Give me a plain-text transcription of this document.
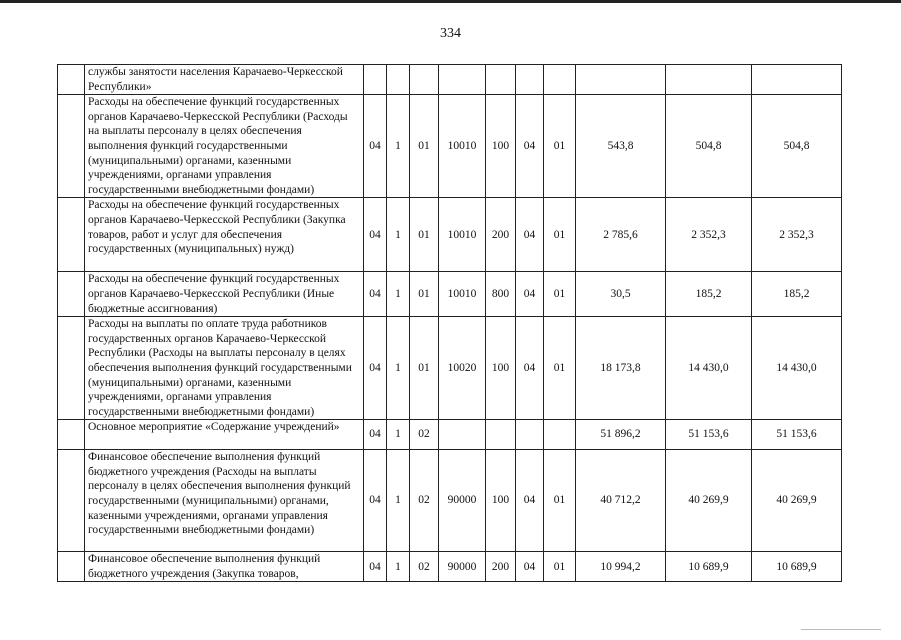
334
	службы занятости населения Карачаево-Черкесской Республики»										
	Расходы на обеспечение функций государственных органов Карачаево-Черкесской Республики (Расходы на выплаты персоналу в целях обеспечения выполнения функций государственными (муниципальными) органами, казенными учреждениями, органами управления государственными внебюджетными фондами)	04	1	01	10010	100	04	01	543,8	504,8	504,8
	Расходы на обеспечение функций государственных органов Карачаево-Черкесской Республики (Закупка товаров, работ и услуг для обеспечения государственных (муниципальных) нужд)	04	1	01	10010	200	04	01	2 785,6	2 352,3	2 352,3
	Расходы на обеспечение функций государственных органов Карачаево-Черкесской Республики (Иные бюджетные ассигнования)	04	1	01	10010	800	04	01	30,5	185,2	185,2
	Расходы на выплаты по оплате труда работников государственных органов Карачаево-Черкесской Республики (Расходы на выплаты персоналу в целях обеспечения выполнения функций государственными (муниципальными) органами, казенными учреждениями, органами управления государственными внебюджетными фондами)	04	1	01	10020	100	04	01	18 173,8	14 430,0	14 430,0
	Основное мероприятие «Содержание учреждений»	04	1	02					51 896,2	51 153,6	51 153,6
	Финансовое обеспечение выполнения функций бюджетного учреждения (Расходы на выплаты персоналу в целях обеспечения выполнения функций государственными (муниципальными) органами, казенными учреждениями, органами управления государственными внебюджетными фондами)	04	1	02	90000	100	04	01	40 712,2	40 269,9	40 269,9
	Финансовое обеспечение выполнения функций бюджетного учреждения (Закупка товаров,	04	1	02	90000	200	04	01	10 994,2	10 689,9	10 689,9
